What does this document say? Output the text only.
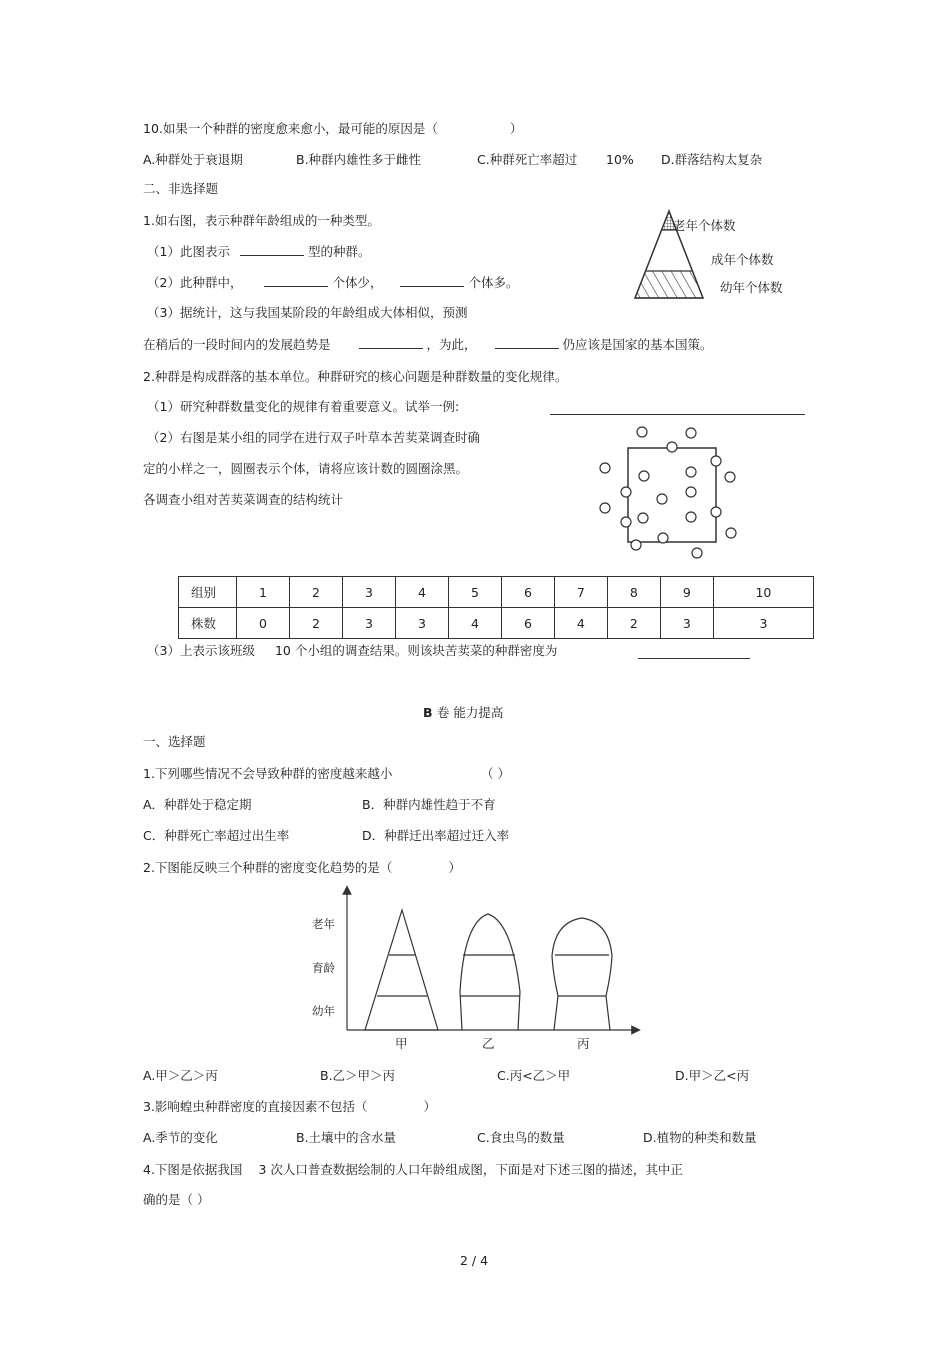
10.如果一个种群的密度愈来愈小，最可能的原因是（	）
A.种群处于衰退期	B.种群内雄性多于雌性	C.种群死亡率超过 10% D.群落结构太复杂
二、非选择题
1.如右图，表示种群年龄组成的一种类型。
（1）此图表示	型的种群。
（2）此种群中，	个体少，	个体多。
（3）据统计，这与我国某阶段的年龄组成大体相似，预测
在稍后的一段时间内的发展趋势是	，为此，	仍应该是国家的基本国策。
老年个体数
成年个体数
幼年个体数
2.种群是构成群落的基本单位。种群研究的核心问题是种群数量的变化规律。
（1）研究种群数量变化的规律有着重要意义。试举一例:
（2）右图是某小组的同学在进行双子叶草本苦荬菜调查时确
定的小样之一，圆圈表示个体，请将应该计数的圆圈涂黑。
各调查小组对苦荬菜调查的结构统计
组别	1	2	3	4	5	6	7	8	9	10
株数	0	2	3	3	4	6	4	2	3	3
（3）上表示该班级 10 个小组的调查结果。则该块苦荬菜的种群密度为
B 卷 能力提高
一、选择题
1.下列哪些情况不会导致种群的密度越来越小	（ ）
A．种群处于稳定期	B．种群内雄性趋于不育
C．种群死亡率超过出生率	D．种群迁出率超过迁入率
2.下图能反映三个种群的密度变化趋势的是（	）
老年
育龄
幼年
甲	乙	丙
A.甲＞乙＞丙	B.乙＞甲＞丙	C.丙<乙＞甲	D.甲＞乙<丙
3.影响蝗虫种群密度的直接因素不包括（	）
A.季节的变化	B.土壤中的含水量	C.食虫鸟的数量	D.植物的种类和数量
4.下图是依据我国 3 次人口普查数据绘制的人口年龄组成图，下面是对下述三图的描述，其中正
确的是（ ）
2 / 4
